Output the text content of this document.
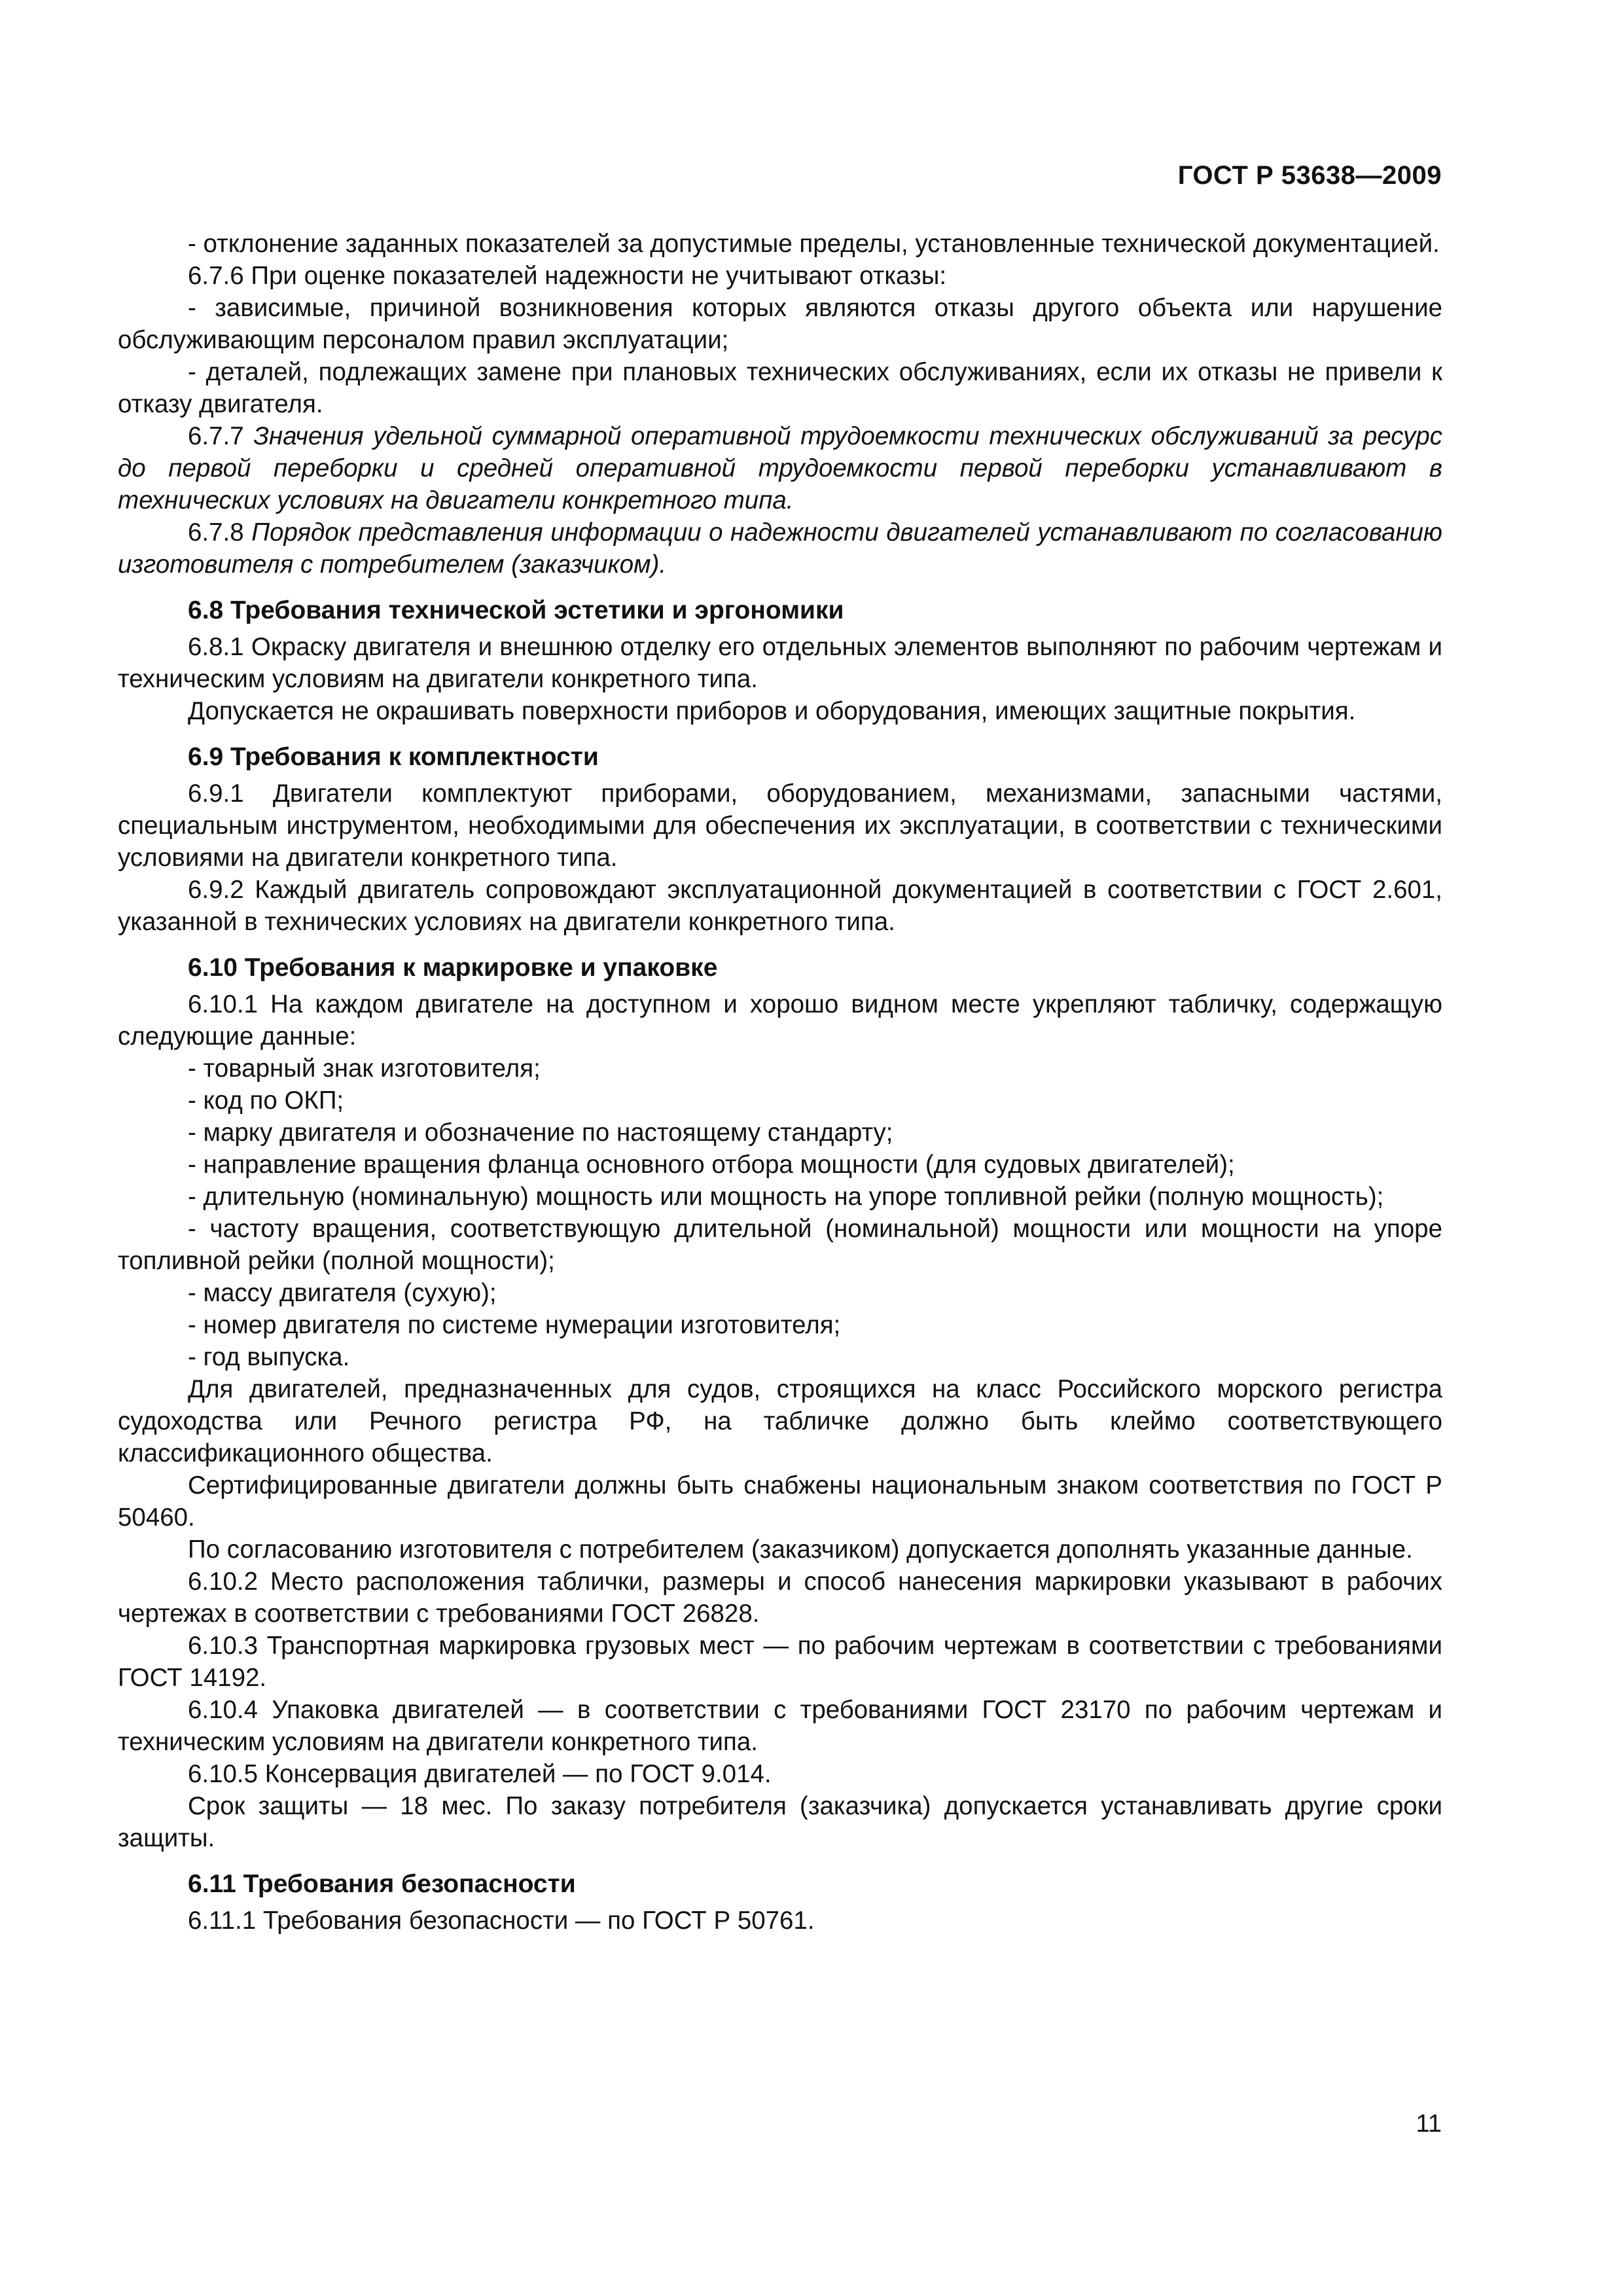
ГОСТ Р 53638—2009

- отклонение заданных показателей за допустимые пределы, установленные технической документацией.

6.7.6 При оценке показателей надежности не учитывают отказы:

- зависимые, причиной возникновения которых являются отказы другого объекта или нарушение обслуживающим персоналом правил эксплуатации;

- деталей, подлежащих замене при плановых технических обслуживаниях, если их отказы не привели к отказу двигателя.

6.7.7 Значения удельной суммарной оперативной трудоемкости технических обслуживаний за ресурс до первой переборки и средней оперативной трудоемкости первой переборки устанавливают в технических условиях на двигатели конкретного типа.

6.7.8 Порядок представления информации о надежности двигателей устанавливают по согласованию изготовителя с потребителем (заказчиком).

6.8 Требования технической эстетики и эргономики

6.8.1 Окраску двигателя и внешнюю отделку его отдельных элементов выполняют по рабочим чертежам и техническим условиям на двигатели конкретного типа.

Допускается не окрашивать поверхности приборов и оборудования, имеющих защитные покрытия.

6.9 Требования к комплектности

6.9.1 Двигатели комплектуют приборами, оборудованием, механизмами, запасными частями, специальным инструментом, необходимыми для обеспечения их эксплуатации, в соответствии с техническими условиями на двигатели конкретного типа.

6.9.2 Каждый двигатель сопровождают эксплуатационной документацией в соответствии с ГОСТ 2.601, указанной в технических условиях на двигатели конкретного типа.

6.10 Требования к маркировке и упаковке

6.10.1 На каждом двигателе на доступном и хорошо видном месте укрепляют табличку, содержащую следующие данные:

- товарный знак изготовителя;

- код по ОКП;

- марку двигателя и обозначение по настоящему стандарту;

- направление вращения фланца основного отбора мощности (для судовых двигателей);

- длительную (номинальную) мощность или мощность на упоре топливной рейки (полную мощность);

- частоту вращения, соответствующую длительной (номинальной) мощности или мощности на упоре топливной рейки (полной мощности);

- массу двигателя (сухую);

- номер двигателя по системе нумерации изготовителя;

- год выпуска.

Для двигателей, предназначенных для судов, строящихся на класс Российского морского регистра судоходства или Речного регистра РФ, на табличке должно быть клеймо соответствующего классификационного общества.

Сертифицированные двигатели должны быть снабжены национальным знаком соответствия по ГОСТ Р 50460.

По согласованию изготовителя с потребителем (заказчиком) допускается дополнять указанные данные.

6.10.2 Место расположения таблички, размеры и способ нанесения маркировки указывают в рабочих чертежах в соответствии с требованиями ГОСТ 26828.

6.10.3 Транспортная маркировка грузовых мест — по рабочим чертежам в соответствии с требованиями ГОСТ 14192.

6.10.4 Упаковка двигателей — в соответствии с требованиями ГОСТ 23170 по рабочим чертежам и техническим условиям на двигатели конкретного типа.

6.10.5 Консервация двигателей — по ГОСТ 9.014.

Срок защиты — 18 мес. По заказу потребителя (заказчика) допускается устанавливать другие сроки защиты.

6.11 Требования безопасности

6.11.1 Требования безопасности — по ГОСТ Р 50761.

11
